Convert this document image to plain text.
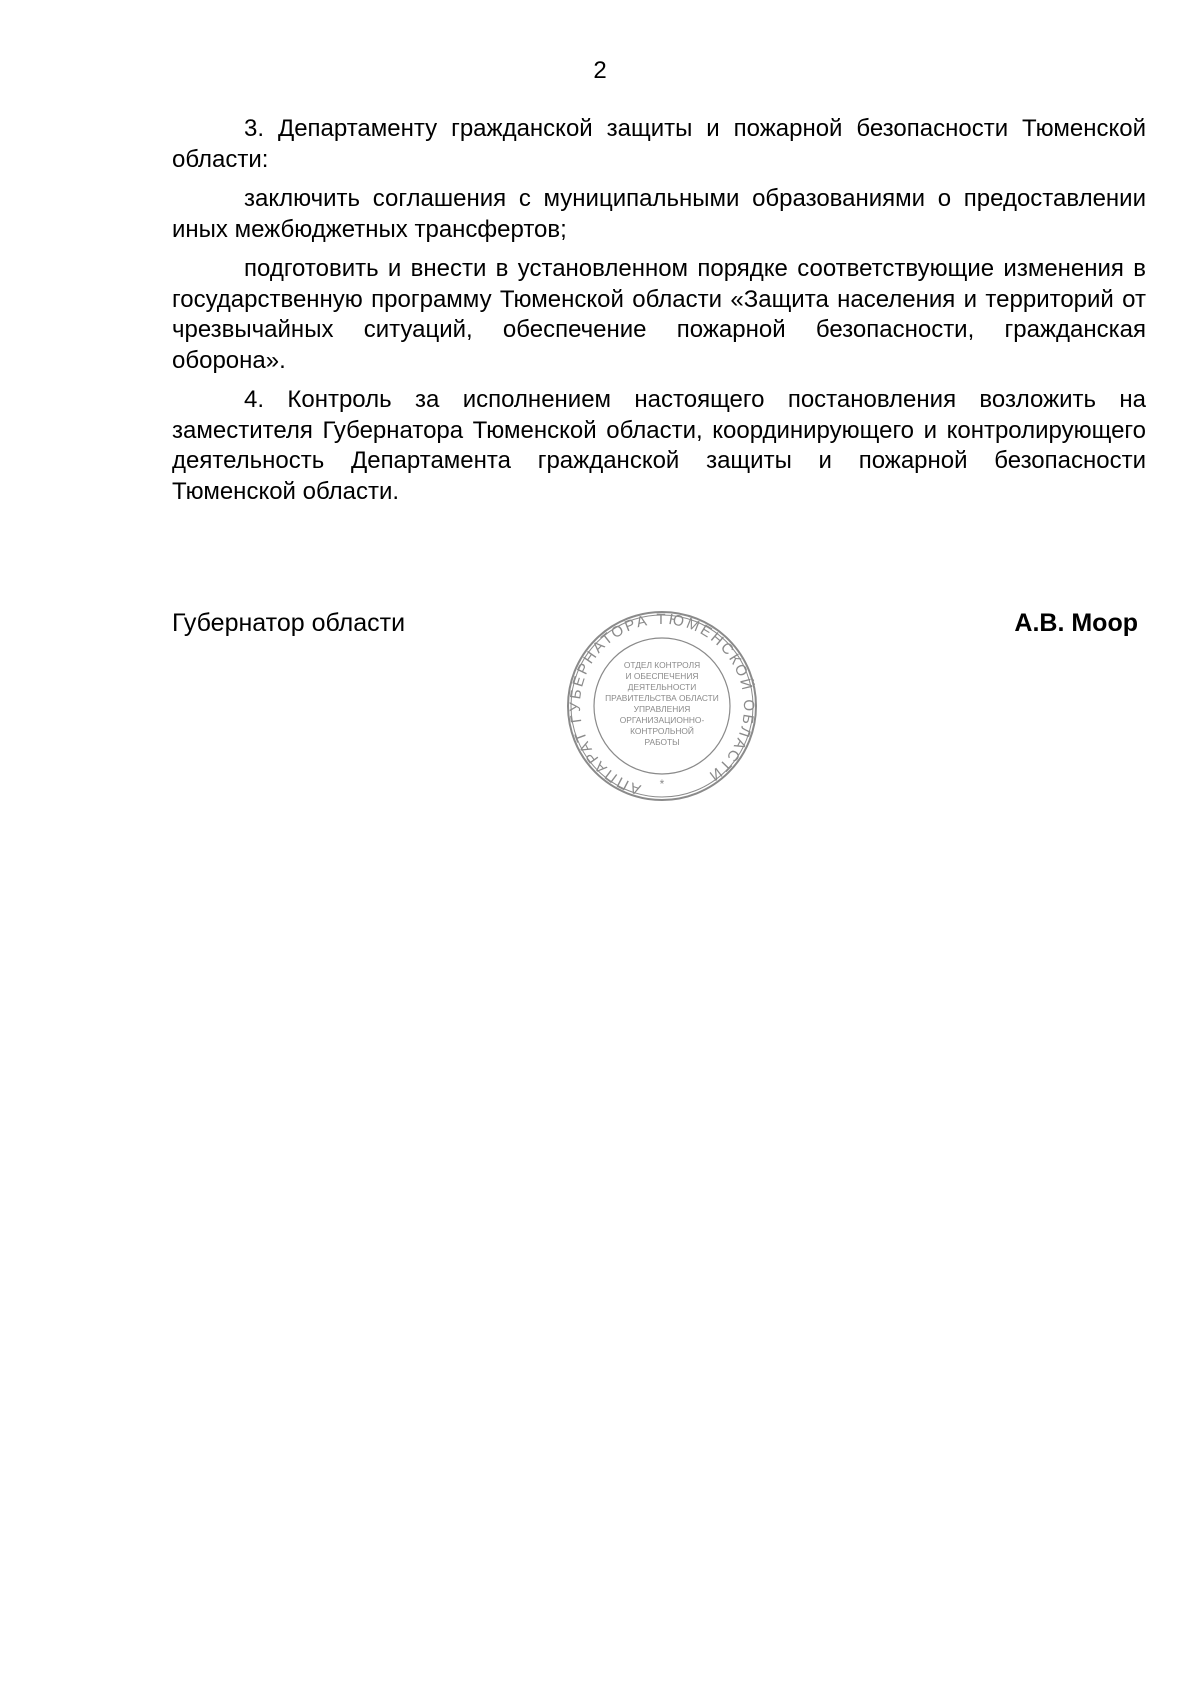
2

3. Департаменту гражданской защиты и пожарной безопасности Тюменской области:

заключить соглашения с муниципальными образованиями о предоставлении иных межбюджетных трансфертов;

подготовить и внести в установленном порядке соответствующие изменения в государственную программу Тюменской области «Защита населения и территорий от чрезвычайных ситуаций, обеспечение пожарной безопасности, гражданская оборона».

4. Контроль за исполнением настоящего постановления возложить на заместителя Губернатора Тюменской области, координирующего и контролирующего деятельность Департамента гражданской защиты и пожарной безопасности Тюменской области.

Губернатор области	А.В. Моор
АППАРАТ ГУБЕРНАТОРА ТЮМЕНСКОЙ ОБЛАСТИ
*
ОТДЕЛ КОНТРОЛЯ
И ОБЕСПЕЧЕНИЯ
ДЕЯТЕЛЬНОСТИ
ПРАВИТЕЛЬСТВА ОБЛАСТИ
УПРАВЛЕНИЯ
ОРГАНИЗАЦИОННО-
КОНТРОЛЬНОЙ
РАБОТЫ
